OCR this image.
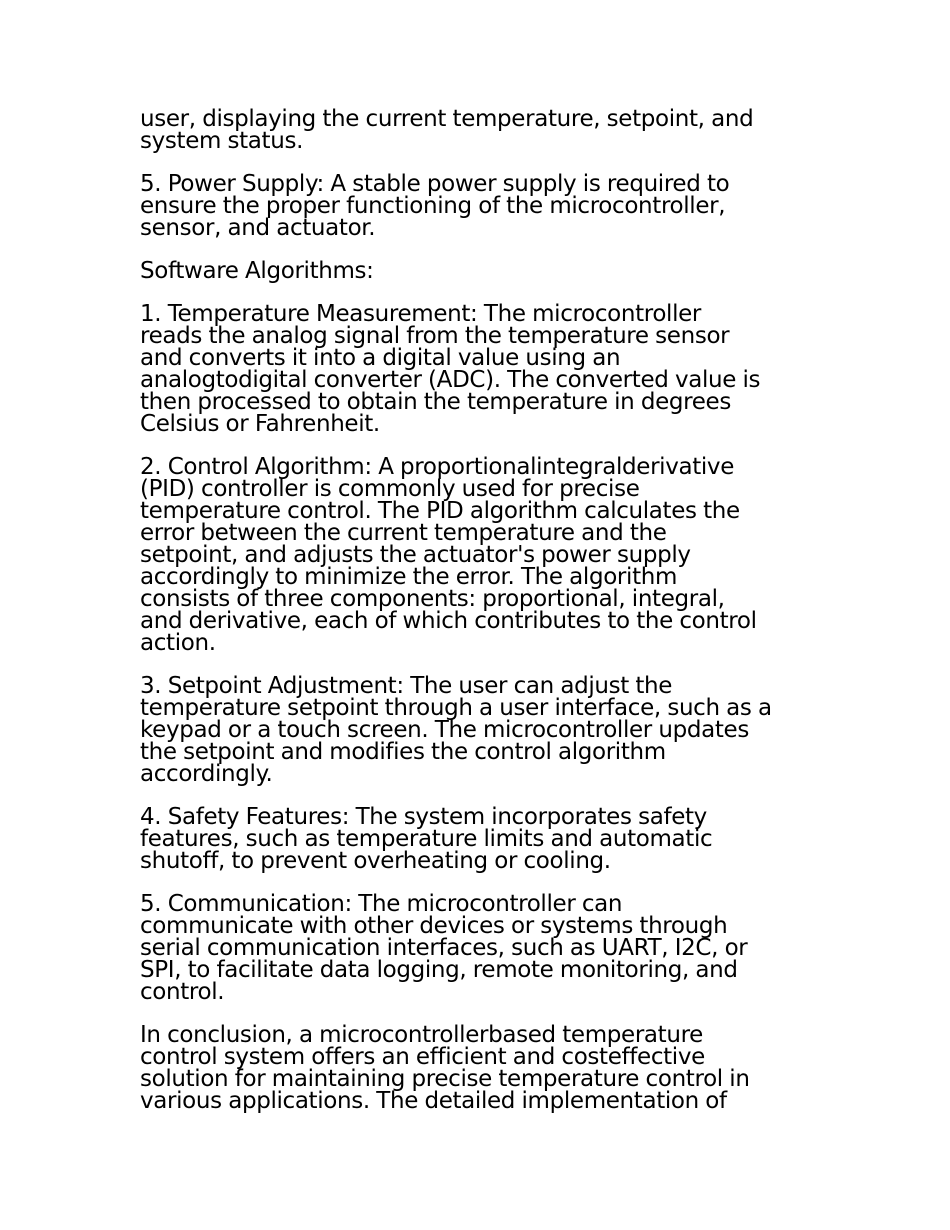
user, displaying the current temperature, setpoint, and
system status.

5. Power Supply: A stable power supply is required to
ensure the proper functioning of the microcontroller,
sensor, and actuator.

Software Algorithms:

1. Temperature Measurement: The microcontroller
reads the analog signal from the temperature sensor
and converts it into a digital value using an
analogtodigital converter (ADC). The converted value is
then processed to obtain the temperature in degrees
Celsius or Fahrenheit.

2. Control Algorithm: A proportionalintegralderivative
(PID) controller is commonly used for precise
temperature control. The PID algorithm calculates the
error between the current temperature and the
setpoint, and adjusts the actuator's power supply
accordingly to minimize the error. The algorithm
consists of three components: proportional, integral,
and derivative, each of which contributes to the control
action.

3. Setpoint Adjustment: The user can adjust the
temperature setpoint through a user interface, such as a
keypad or a touch screen. The microcontroller updates
the setpoint and modifies the control algorithm
accordingly.

4. Safety Features: The system incorporates safety
features, such as temperature limits and automatic
shutoff, to prevent overheating or cooling.

5. Communication: The microcontroller can
communicate with other devices or systems through
serial communication interfaces, such as UART, I2C, or
SPI, to facilitate data logging, remote monitoring, and
control.

In conclusion, a microcontrollerbased temperature
control system offers an efficient and costeffective
solution for maintaining precise temperature control in
various applications. The detailed implementation of
